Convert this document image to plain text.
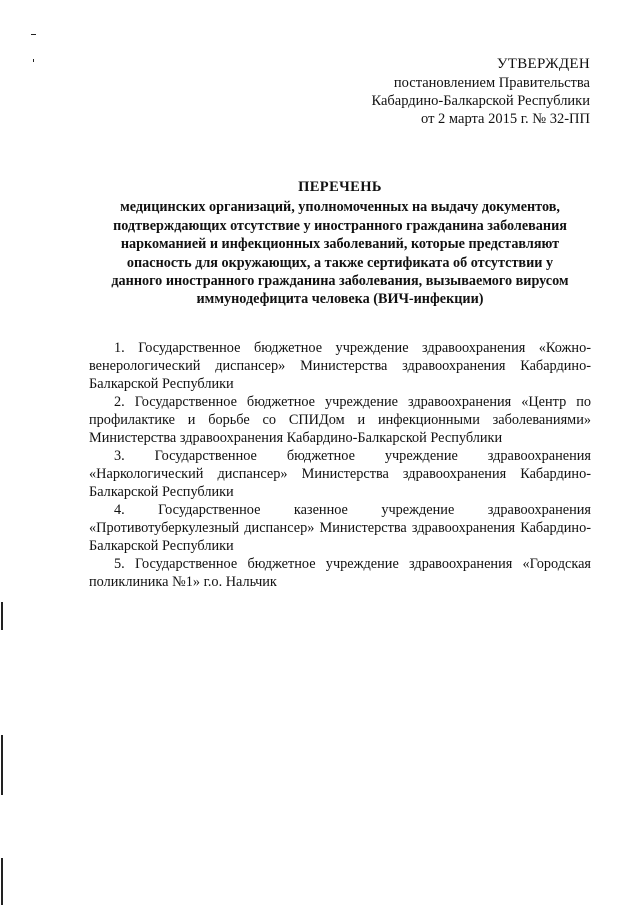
УТВЕРЖДЕН
постановлением Правительства
Кабардино-Балкарской Республики
от 2 марта 2015 г. № 32-ПП
ПЕРЕЧЕНЬ
медицинских организаций, уполномоченных на выдачу документов,
подтверждающих отсутствие у иностранного гражданина заболевания
наркоманией и инфекционных заболеваний, которые представляют
опасность для окружающих, а также сертификата об отсутствии у
данного иностранного гражданина заболевания, вызываемого вирусом
иммунодефицита человека (ВИЧ-инфекции)

1. Государственное бюджетное учреждение здравоохранения «Кожно-венерологический диспансер» Министерства здравоохранения Кабардино-Балкарской Республики

2. Государственное бюджетное учреждение здравоохранения «Центр по профилактике и борьбе со СПИДом и инфекционными заболеваниями» Министерства здравоохранения Кабардино-Балкарской Республики

3. Государственное бюджетное учреждение здравоохранения «Наркологический диспансер» Министерства здравоохранения Кабардино-Балкарской Республики

4. Государственное казенное учреждение здравоохранения «Противотуберкулезный диспансер» Министерства здравоохранения Кабардино-Балкарской Республики

5. Государственное бюджетное учреждение здравоохранения «Городская поликлиника №1» г.о. Нальчик
